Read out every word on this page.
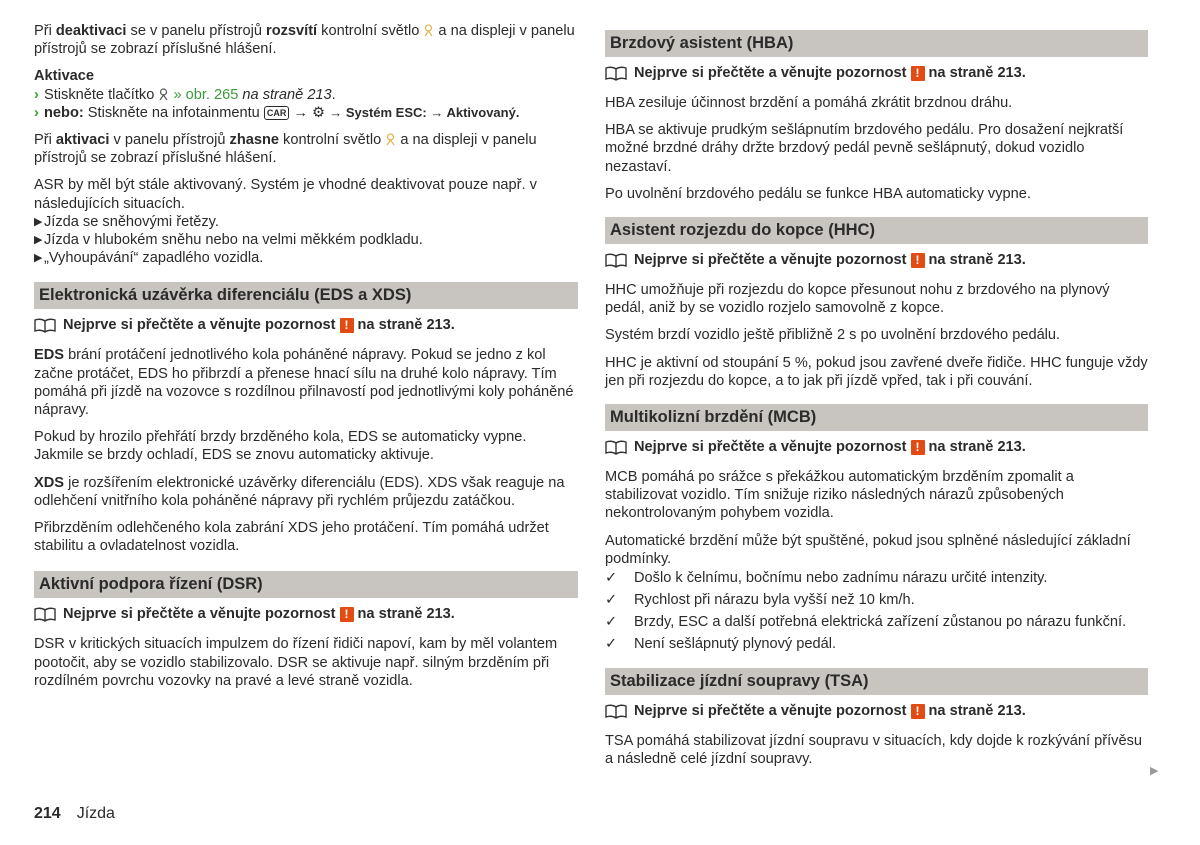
Při deaktivaci se v panelu přístrojů rozsvítí kontrolní světlo  a na displeji v panelu přístrojů se zobrazí příslušné hlášení.

Aktivace
› Stiskněte tlačítko  » obr. 265 na straně 213.

› nebo: Stiskněte na infotainmentu CAR → ⚙ → Systém ESC: → Aktivovaný.

Při aktivaci v panelu přístrojů zhasne kontrolní světlo  a na displeji v panelu přístrojů se zobrazí příslušné hlášení.

ASR by měl být stále aktivovaný. Systém je vhodné deaktivovat pouze např. v následujících situacích.
▶ Jízda se sněhovými řetězy.
▶ Jízda v hlubokém sněhu nebo na velmi měkkém podkladu.
▶ „Vyhoupávání“ zapadlého vozidla.
Elektronická uzávěrka diferenciálu (EDS a XDS)
Nejprve si přečtěte a věnujte pozornost ! na straně 213.

EDS brání protáčení jednotlivého kola poháněné nápravy. Pokud se jedno z kol začne protáčet, EDS ho přibrzdí a přenese hnací sílu na druhé kolo nápravy. Tím pomáhá při jízdě na vozovce s rozdílnou přilnavostí pod jednotlivými koly poháněné nápravy.

Pokud by hrozilo přehřátí brzdy brzděného kola, EDS se automaticky vypne. Jakmile se brzdy ochladí, EDS se znovu automaticky aktivuje.

XDS je rozšířením elektronické uzávěrky diferenciálu (EDS). XDS však reaguje na odlehčení vnitřního kola poháněné nápravy při rychlém průjezdu zatáčkou.

Přibrzděním odlehčeného kola zabrání XDS jeho protáčení. Tím pomáhá udržet stabilitu a ovladatelnost vozidla.

Aktivní podpora řízení (DSR)
Nejprve si přečtěte a věnujte pozornost ! na straně 213.

DSR v kritických situacích impulzem do řízení řidiči napoví, kam by měl volantem pootočit, aby se vozidlo stabilizovalo. DSR se aktivuje např. silným brzděním při rozdílném povrchu vozovky na pravé a levé straně vozidla.

Brzdový asistent (HBA)
Nejprve si přečtěte a věnujte pozornost ! na straně 213.

HBA zesiluje účinnost brzdění a pomáhá zkrátit brzdnou dráhu.

HBA se aktivuje prudkým sešlápnutím brzdového pedálu. Pro dosažení nejkratší možné brzdné dráhy držte brzdový pedál pevně sešlápnutý, dokud vozidlo nezastaví.

Po uvolnění brzdového pedálu se funkce HBA automaticky vypne.

Asistent rozjezdu do kopce (HHC)
Nejprve si přečtěte a věnujte pozornost ! na straně 213.

HHC umožňuje při rozjezdu do kopce přesunout nohu z brzdového na plynový pedál, aniž by se vozidlo rozjelo samovolně z kopce.

Systém brzdí vozidlo ještě přibližně 2 s po uvolnění brzdového pedálu.

HHC je aktivní od stoupání 5 %, pokud jsou zavřené dveře řidiče. HHC funguje vždy jen při rozjezdu do kopce, a to jak při jízdě vpřed, tak i při couvání.

Multikolizní brzdění (MCB)
Nejprve si přečtěte a věnujte pozornost ! na straně 213.

MCB pomáhá po srážce s překážkou automatickým brzděním zpomalit a stabilizovat vozidlo. Tím snižuje riziko následných nárazů způsobených nekontrolovaným pohybem vozidla.

Automatické brzdění může být spuštěné, pokud jsou splněné následující základní podmínky.

✓	Došlo k čelnímu, bočnímu nebo zadnímu nárazu určité intenzity.
✓	Rychlost při nárazu byla vyšší než 10 km/h.
✓	Brzdy, ESC a další potřebná elektrická zařízení zůstanou po nárazu funkční.
✓	Není sešlápnutý plynový pedál.
Stabilizace jízdní soupravy (TSA)
Nejprve si přečtěte a věnujte pozornost ! na straně 213.

TSA pomáhá stabilizovat jízdní soupravu v situacích, kdy dojde k rozkývání přívěsu a následně celé jízdní soupravy.

▶
214 Jízda
